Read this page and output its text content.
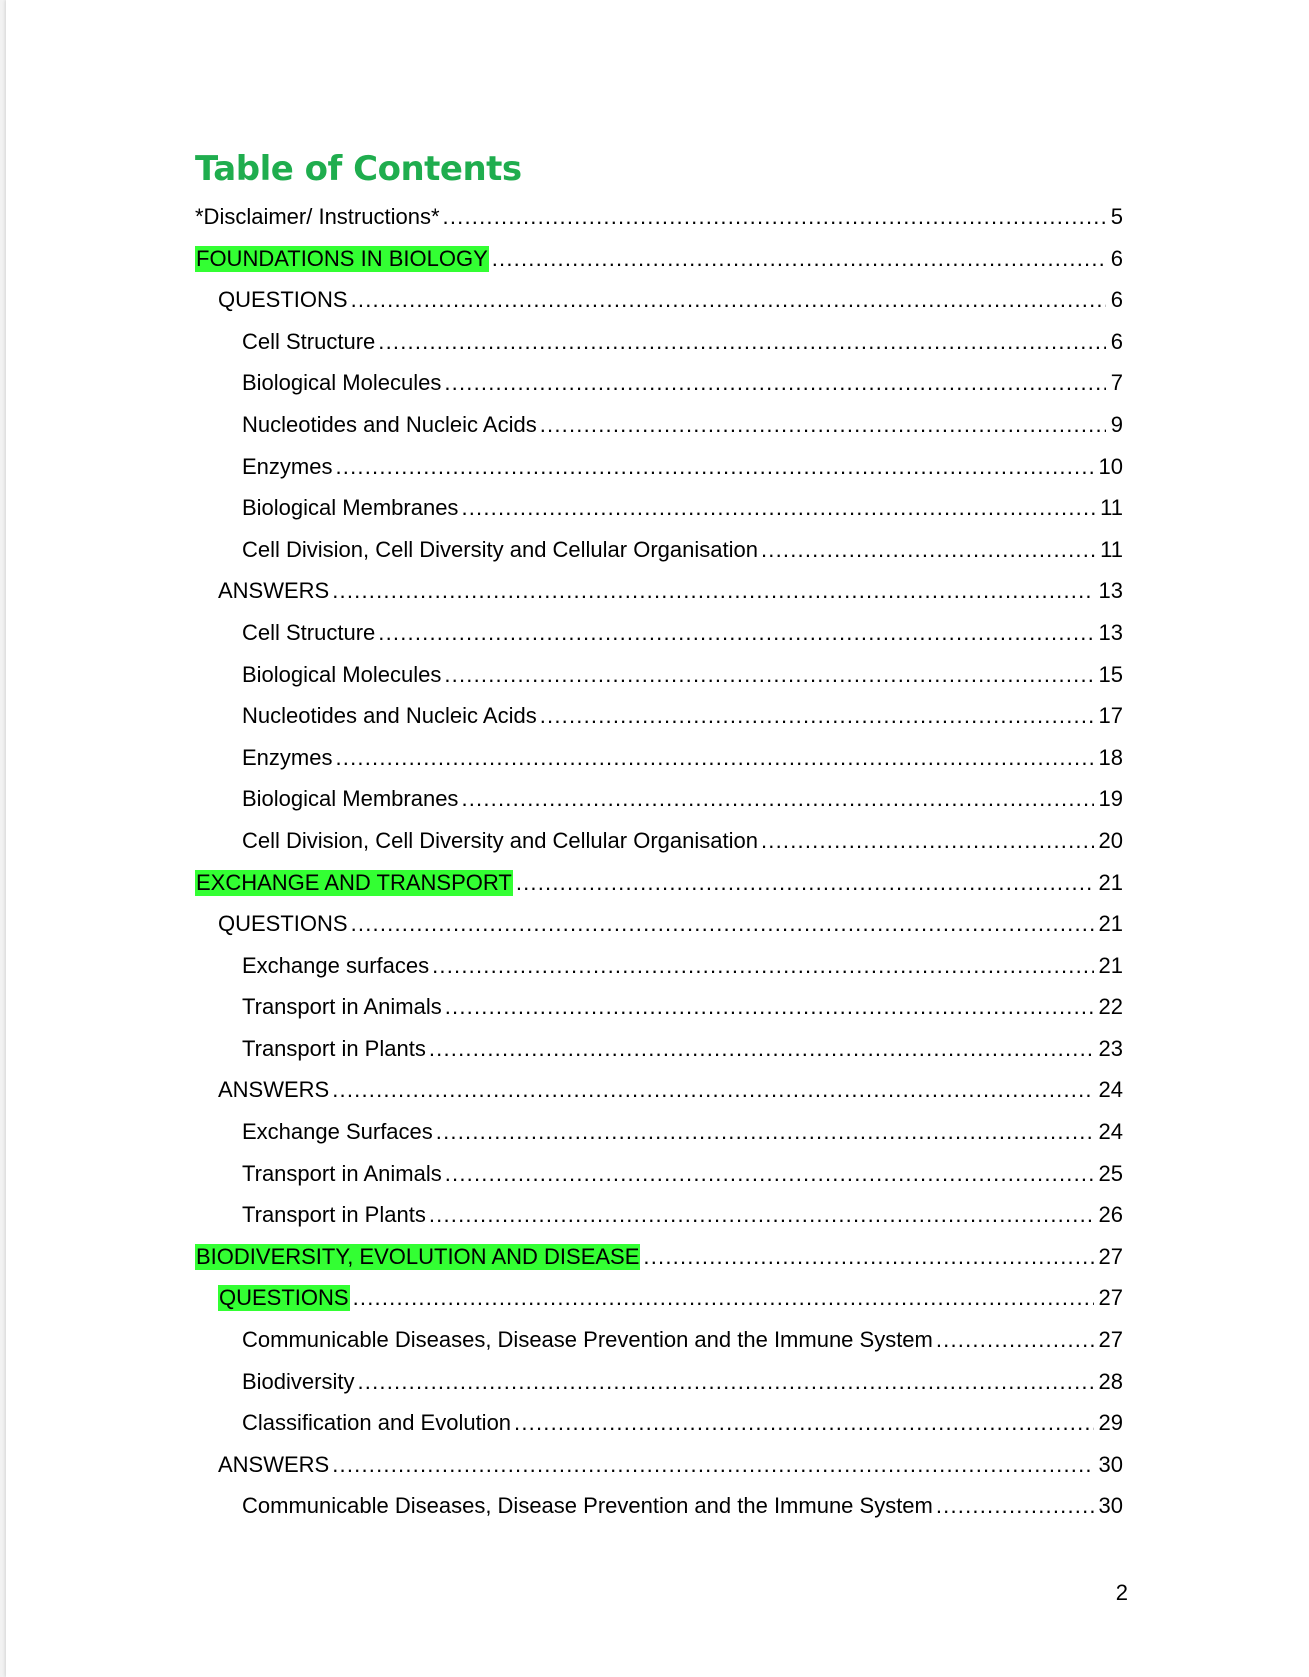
Table of Contents
*Disclaimer/ Instructions* .....	5
FOUNDATIONS IN BIOLOGY .....	6
QUESTIONS .....	6
Cell Structure .....	6
Biological Molecules .....	7
Nucleotides and Nucleic Acids .....	9
Enzymes .....	10
Biological Membranes .....	11
Cell Division, Cell Diversity and Cellular Organisation .....	11
ANSWERS .....	13
Cell Structure .....	13
Biological Molecules .....	15
Nucleotides and Nucleic Acids .....	17
Enzymes .....	18
Biological Membranes .....	19
Cell Division, Cell Diversity and Cellular Organisation .....	20
EXCHANGE AND TRANSPORT .....	21
QUESTIONS .....	21
Exchange surfaces .....	21
Transport in Animals .....	22
Transport in Plants .....	23
ANSWERS .....	24
Exchange Surfaces .....	24
Transport in Animals .....	25
Transport in Plants .....	26
BIODIVERSITY, EVOLUTION AND DISEASE .....	27
QUESTIONS .....	27
Communicable Diseases, Disease Prevention and the Immune System .....	27
Biodiversity .....	28
Classification and Evolution .....	29
ANSWERS .....	30
Communicable Diseases, Disease Prevention and the Immune System .....	30
2
